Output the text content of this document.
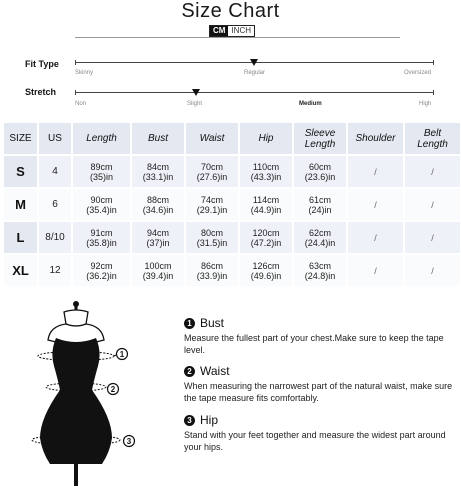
Size Chart
CM INCH
Fit Type
Skinny	Regular	Oversized
Stretch
Non	Slight	Medium	High
SIZE	US	Length	Bust	Waist	Hip	Sleeve
Length	Shoulder	Belt
Length
S	4	89cm
(35)in	84cm
(33.1)in	70cm
(27.6)in	110cm
(43.3)in	60cm
(23.6)in	/	/
M	6	90cm
(35.4)in	88cm
(34.6)in	74cm
(29.1)in	114cm
(44.9)in	61cm
(24)in	/	/
L	8/10	91cm
(35.8)in	94cm
(37)in	80cm
(31.5)in	120cm
(47.2)in	62cm
(24.4)in	/	/
XL	12	92cm
(36.2)in	100cm
(39.4)in	86cm
(33.9)in	126cm
(49.6)in	63cm
(24.8)in	/	/
1
2
3
1 Bust
Measure the fullest part of your chest.Make sure to keep the tape level.
2 Waist
When measuring the narrowest part of the natural waist, make sure the tape measure fits comfortably.
3 Hip
Stand with your feet together and measure the widest part around your hips.
